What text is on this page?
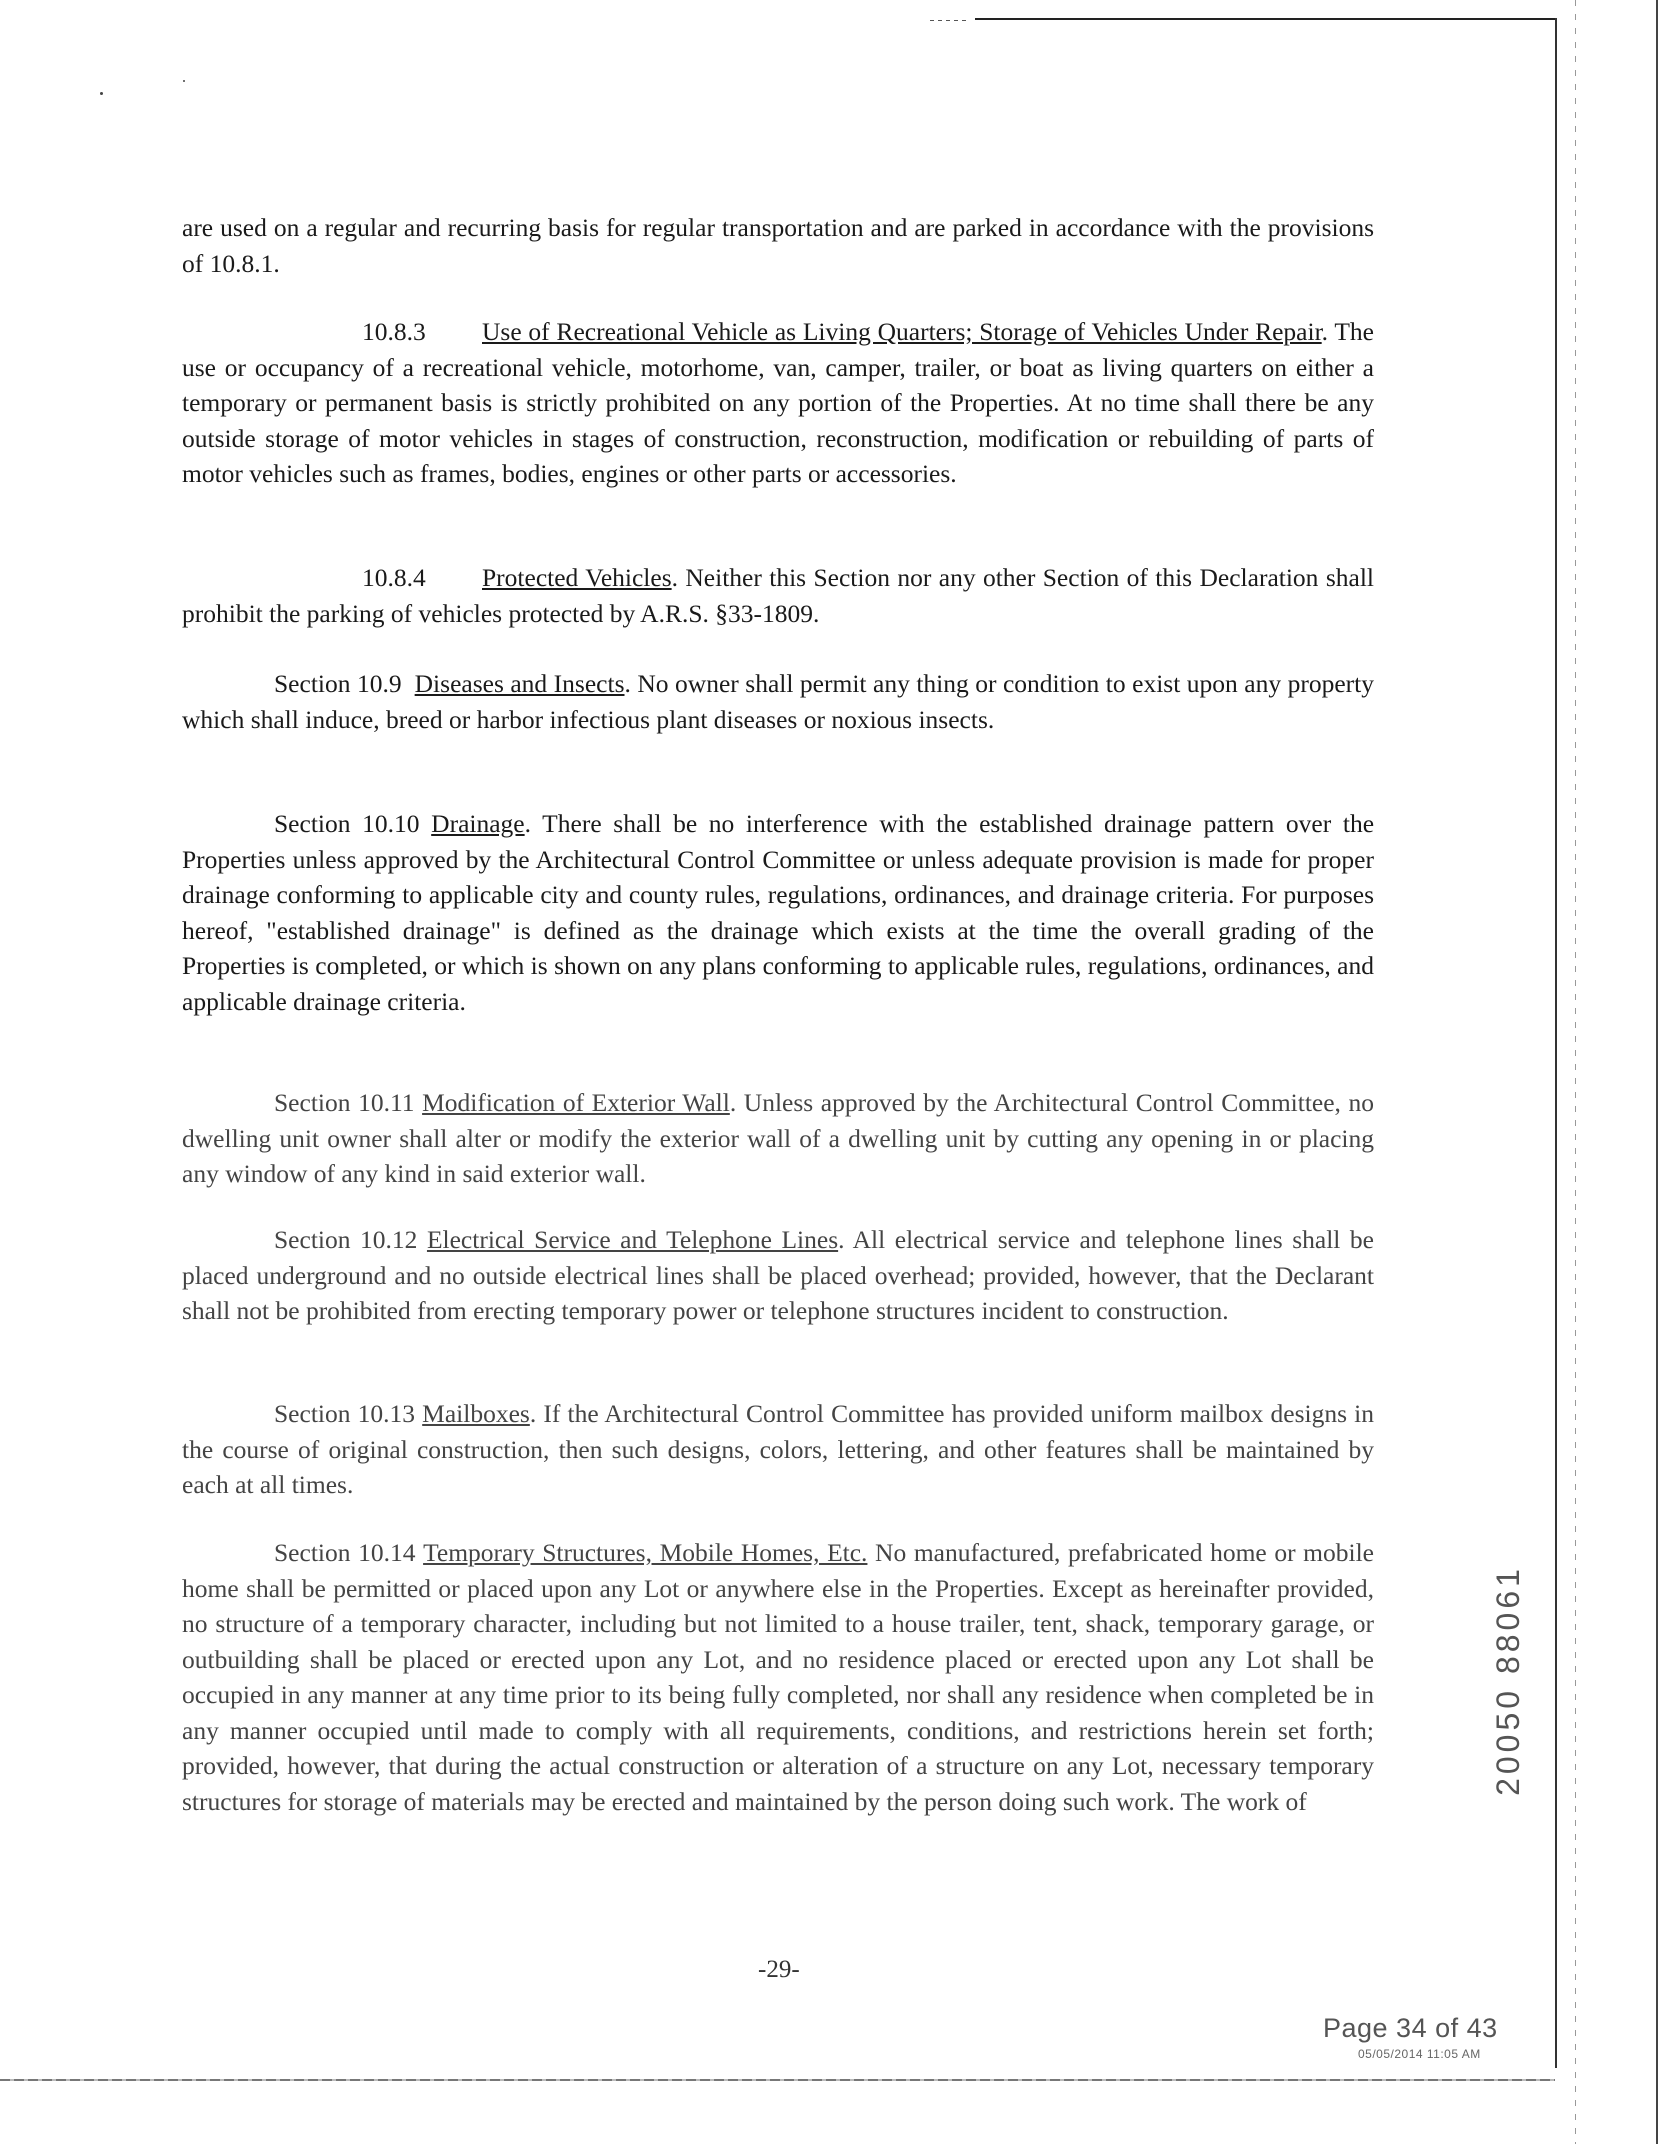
are used on a regular and recurring basis for regular transportation and are parked in accordance with the provisions of 10.8.1.
10.8.3 Use of Recreational Vehicle as Living Quarters; Storage of Vehicles Under Repair. The use or occupancy of a recreational vehicle, motorhome, van, camper, trailer, or boat as living quarters on either a temporary or permanent basis is strictly prohibited on any portion of the Properties. At no time shall there be any outside storage of motor vehicles in stages of construction, reconstruction, modification or rebuilding of parts of motor vehicles such as frames, bodies, engines or other parts or accessories.
10.8.4 Protected Vehicles. Neither this Section nor any other Section of this Declaration shall prohibit the parking of vehicles protected by A.R.S. §33-1809.
Section 10.9 Diseases and Insects. No owner shall permit any thing or condition to exist upon any property which shall induce, breed or harbor infectious plant diseases or noxious insects.
Section 10.10 Drainage. There shall be no interference with the established drainage pattern over the Properties unless approved by the Architectural Control Committee or unless adequate provision is made for proper drainage conforming to applicable city and county rules, regulations, ordinances, and drainage criteria. For purposes hereof, "established drainage" is defined as the drainage which exists at the time the overall grading of the Properties is completed, or which is shown on any plans conforming to applicable rules, regulations, ordinances, and applicable drainage criteria.
Section 10.11 Modification of Exterior Wall. Unless approved by the Architectural Control Committee, no dwelling unit owner shall alter or modify the exterior wall of a dwelling unit by cutting any opening in or placing any window of any kind in said exterior wall.
Section 10.12 Electrical Service and Telephone Lines. All electrical service and telephone lines shall be placed underground and no outside electrical lines shall be placed overhead; provided, however, that the Declarant shall not be prohibited from erecting temporary power or telephone structures incident to construction.
Section 10.13 Mailboxes. If the Architectural Control Committee has provided uniform mailbox designs in the course of original construction, then such designs, colors, lettering, and other features shall be maintained by each at all times.
Section 10.14 Temporary Structures, Mobile Homes, Etc. No manufactured, prefabricated home or mobile home shall be permitted or placed upon any Lot or anywhere else in the Properties. Except as hereinafter provided, no structure of a temporary character, including but not limited to a house trailer, tent, shack, temporary garage, or outbuilding shall be placed or erected upon any Lot, and no residence placed or erected upon any Lot shall be occupied in any manner at any time prior to its being fully completed, nor shall any residence when completed be in any manner occupied until made to comply with all requirements, conditions, and restrictions herein set forth; provided, however, that during the actual construction or alteration of a structure on any Lot, necessary temporary structures for storage of materials may be erected and maintained by the person doing such work. The work of
-29-
Page 34 of 43
05/05/2014 11:05 AM
20050 88061
